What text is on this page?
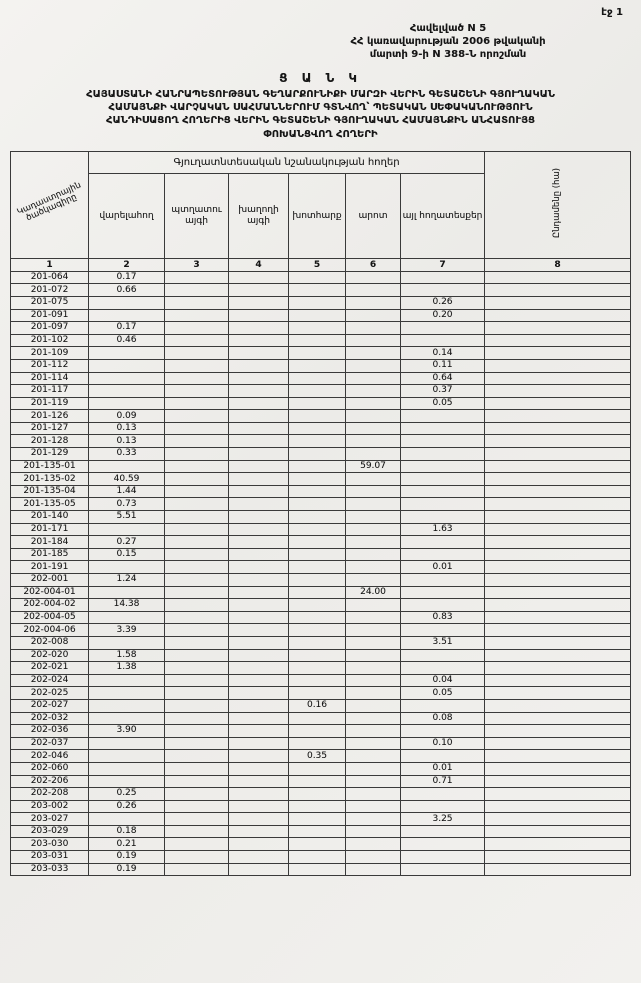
էջ 1
Հավելված N 5
ՀՀ կառավարության 2006 թվականի
մարտի 9-ի N 388-Ն որոշման
Ց Ա Ն Կ
ՀԱՅԱՍՏԱՆԻ ՀԱՆՐԱՊԵՏՈՒԹՅԱՆ ԳԵՂԱՐՔՈՒՆԻՔԻ ՄԱՐԶԻ ՎԵՐԻՆ ԳԵՏԱՇԵՆԻ ԳՅՈՒՂԱԿԱՆ
ՀԱՄԱՅՆՔԻ ՎԱՐՉԱԿԱՆ ՍԱՀՄԱՆՆԵՐՈՒՄ ԳՏՆՎՈՂ՝ ՊԵՏԱԿԱՆ ՍԵՓԱԿԱՆՈՒԹՅՈՒՆ
ՀԱՆԴԻՍԱՑՈՂ ՀՈՂԵՐԻՑ ՎԵՐԻՆ ԳԵՏԱՇԵՆԻ ԳՅՈՒՂԱԿԱՆ ՀԱՄԱՅՆՔԻՆ ԱՆՀԱՏՈՒՅՑ
ՓՈԽԱՆՑՎՈՂ ՀՈՂԵՐԻ
Կադաստրային ծածկագիրը	Գյուղատնտեսական նշանակության հողեր						Ընդամենը (հա)
	վարելահող	պտղատու այգի	խաղողի այգի	խոտհարք	արոտ	այլ հողատեսքեր	
1	2	3	4	5	6	7	8
201-064	0.17						
201-072	0.66						
201-075						0.26	
201-091						0.20	
201-097	0.17						
201-102	0.46						
201-109						0.14	
201-112						0.11	
201-114						0.64	
201-117						0.37	
201-119						0.05	
201-126	0.09						
201-127	0.13						
201-128	0.13						
201-129	0.33						
201-135-01					59.07		
201-135-02	40.59						
201-135-04	1.44						
201-135-05	0.73						
201-140	5.51						
201-171						1.63	
201-184	0.27						
201-185	0.15						
201-191						0.01	
202-001	1.24						
202-004-01					24.00		
202-004-02	14.38						
202-004-05						0.83	
202-004-06	3.39						
202-008						3.51	
202-020	1.58						
202-021	1.38						
202-024						0.04	
202-025						0.05	
202-027				0.16			
202-032						0.08	
202-036	3.90						
202-037						0.10	
202-046				0.35			
202-060						0.01	
202-206						0.71	
202-208	0.25						
203-002	0.26						
203-027						3.25	
203-029	0.18						
203-030	0.21						
203-031	0.19						
203-033	0.19						
